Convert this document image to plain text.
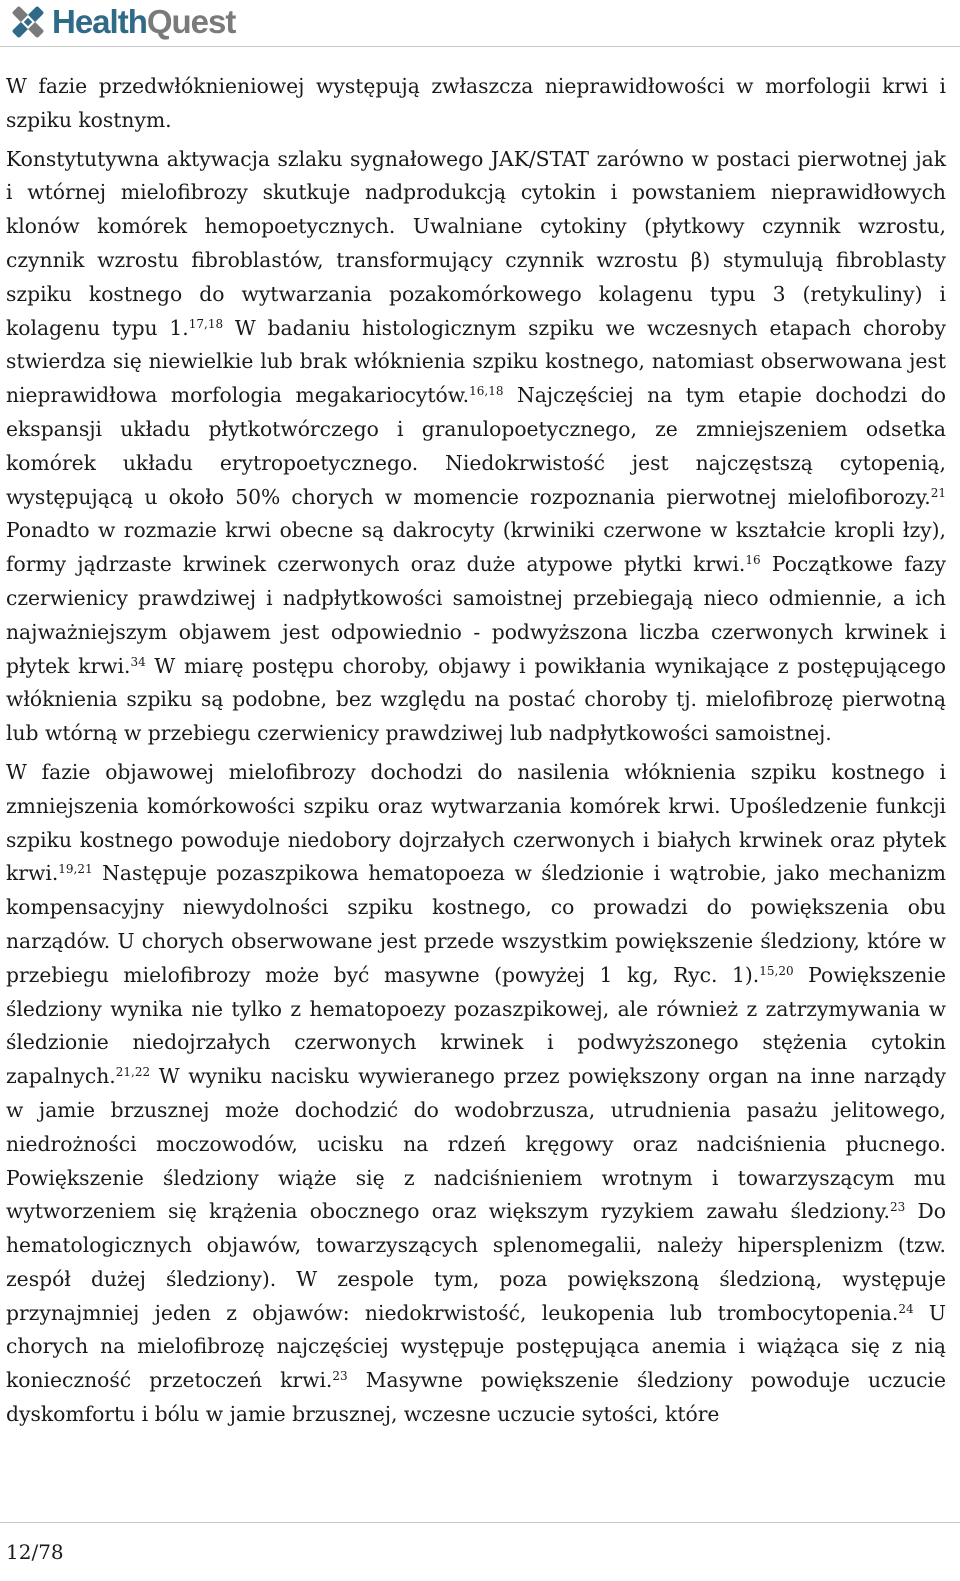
HealthQuest

W fazie przedwłóknieniowej występują zwłaszcza nieprawidłowości w morfologii krwi i szpiku kostnym.

Konstytutywna aktywacja szlaku sygnałowego JAK/STAT zarówno w postaci pierwotnej jak i wtórnej mielofibrozy skutkuje nadprodukcją cytokin i powstaniem nieprawidłowych klonów komórek hemopoetycznych. Uwalniane cytokiny (płytkowy czynnik wzrostu, czynnik wzrostu fibroblastów, transformujący czynnik wzrostu β) stymulują fibroblasty szpiku kostnego do wytwarzania pozakomórkowego kolagenu typu 3 (retykuliny) i kolagenu typu 1.$^{17,18}$ W badaniu histologicznym szpiku we wczesnych etapach choroby stwierdza się niewielkie lub brak włóknienia szpiku kostnego, natomiast obserwowana jest nieprawidłowa morfologia megakariocytów.$^{16,18}$ Najczęściej na tym etapie dochodzi do ekspansji układu płytkotwórczego i granulopoetycznego, ze zmniejszeniem odsetka komórek układu erytropoetycznego. Niedokrwistość jest najczęstszą cytopenią, występującą u około 50% chorych w momencie rozpoznania pierwotnej mielofiborozy.$^{21}$ Ponadto w rozmazie krwi obecne są dakrocyty (krwiniki czerwone w kształcie kropli łzy), formy jądrzaste krwinek czerwonych oraz duże atypowe płytki krwi.$^{16}$ Początkowe fazy czerwienicy prawdziwej i nadpłytkowości samoistnej przebiegają nieco odmiennie, a ich najważniejszym objawem jest odpowiednio - podwyższona liczba czerwonych krwinek i płytek krwi.$^{34}$ W miarę postępu choroby, objawy i powikłania wynikające z postępującego włóknienia szpiku są podobne, bez względu na postać choroby tj. mielofibrozę pierwotną lub wtórną w przebiegu czerwienicy prawdziwej lub nadpłytkowości samoistnej.

W fazie objawowej mielofibrozy dochodzi do nasilenia włóknienia szpiku kostnego i zmniejszenia komórkowości szpiku oraz wytwarzania komórek krwi. Upośledzenie funkcji szpiku kostnego powoduje niedobory dojrzałych czerwonych i białych krwinek oraz płytek krwi.$^{19,21}$ Następuje pozaszpikowa hematopoeza w śledzionie i wątrobie, jako mechanizm kompensacyjny niewydolności szpiku kostnego, co prowadzi do powiększenia obu narządów. U chorych obserwowane jest przede wszystkim powiększenie śledziony, które w przebiegu mielofibrozy może być masywne (powyżej 1 kg, Ryc. 1).$^{15,20}$ Powiększenie śledziony wynika nie tylko z hematopoezy pozaszpikowej, ale również z zatrzymywania w śledzionie niedojrzałych czerwonych krwinek i podwyższonego stężenia cytokin zapalnych.$^{21,22}$ W wyniku nacisku wywieranego przez powiększony organ na inne narządy w jamie brzusznej może dochodzić do wodobrzusza, utrudnienia pasażu jelitowego, niedrożności moczowodów, ucisku na rdzeń kręgowy oraz nadciśnienia płucnego. Powiększenie śledziony wiąże się z nadciśnieniem wrotnym i towarzyszącym mu wytworzeniem się krążenia obocznego oraz większym ryzykiem zawału śledziony.$^{23}$ Do hematologicznych objawów, towarzyszących splenomegalii, należy hipersplenizm (tzw. zespół dużej śledziony). W zespole tym, poza powiększoną śledzioną, występuje przynajmniej jeden z objawów: niedokrwistość, leukopenia lub trombocytopenia.$^{24}$ U chorych na mielofibrozę najczęściej występuje postępująca anemia i wiążąca się z nią konieczność przetoczeń krwi.$^{23}$ Masywne powiększenie śledziony powoduje uczucie dyskomfortu i bólu w jamie brzusznej, wczesne uczucie sytości, które

12/78
